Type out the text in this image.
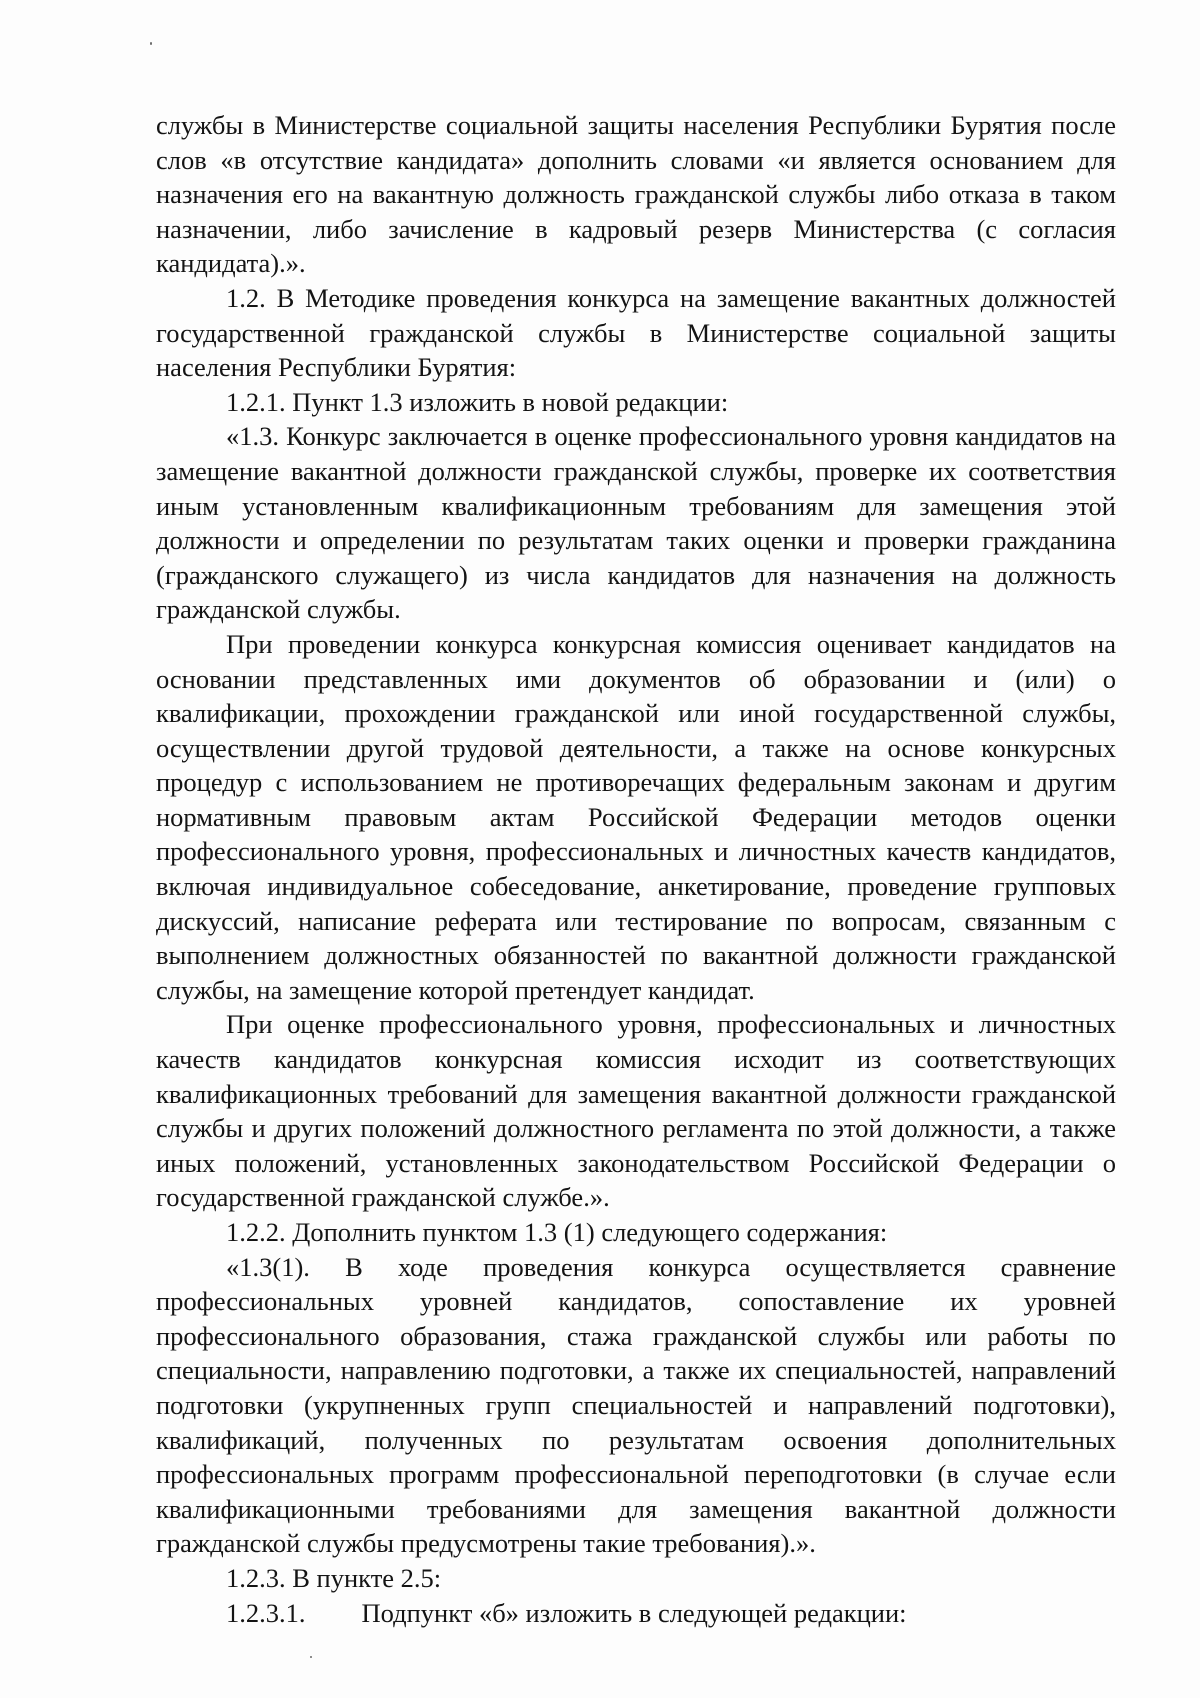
службы в Министерстве социальной защиты населения Республики Бурятия после слов «в отсутствие кандидата» дополнить словами «и является основанием для назначения его на вакантную должность гражданской службы либо отказа в таком назначении, либо зачисление в кадровый резерв Министерства (с согласия кандидата).».

1.2. В Методике проведения конкурса на замещение вакантных должностей государственной гражданской службы в Министерстве социальной защиты населения Республики Бурятия:

1.2.1. Пункт 1.3 изложить в новой редакции:

«1.3. Конкурс заключается в оценке профессионального уровня кандидатов на замещение вакантной должности гражданской службы, проверке их соответствия иным установленным квалификационным требованиям для замещения этой должности и определении по результатам таких оценки и проверки гражданина (гражданского служащего) из числа кандидатов для назначения на должность гражданской службы.

При проведении конкурса конкурсная комиссия оценивает кандидатов на основании представленных ими документов об образовании и (или) о квалификации, прохождении гражданской или иной государственной службы, осуществлении другой трудовой деятельности, а также на основе конкурсных процедур с использованием не противоречащих федеральным законам и другим нормативным правовым актам Российской Федерации методов оценки профессионального уровня, профессиональных и личностных качеств кандидатов, включая индивидуальное собеседование, анкетирование, проведение групповых дискуссий, написание реферата или тестирование по вопросам, связанным с выполнением должностных обязанностей по вакантной должности гражданской службы, на замещение которой претендует кандидат.

При оценке профессионального уровня, профессиональных и личностных качеств кандидатов конкурсная комиссия исходит из соответствующих квалификационных требований для замещения вакантной должности гражданской службы и других положений должностного регламента по этой должности, а также иных положений, установленных законодательством Российской Федерации о государственной гражданской службе.».

1.2.2. Дополнить пунктом 1.3 (1) следующего содержания:

«1.3(1). В ходе проведения конкурса осуществляется сравнение профессиональных уровней кандидатов, сопоставление их уровней профессионального образования, стажа гражданской службы или работы по специальности, направлению подготовки, а также их специальностей, направлений подготовки (укрупненных групп специальностей и направлений подготовки), квалификаций, полученных по результатам освоения дополнительных профессиональных программ профессиональной переподготовки (в случае если квалификационными требованиями для замещения вакантной должности гражданской службы предусмотрены такие требования).».

1.2.3. В пункте 2.5:

1.2.3.1. Подпункт «б» изложить в следующей редакции:
